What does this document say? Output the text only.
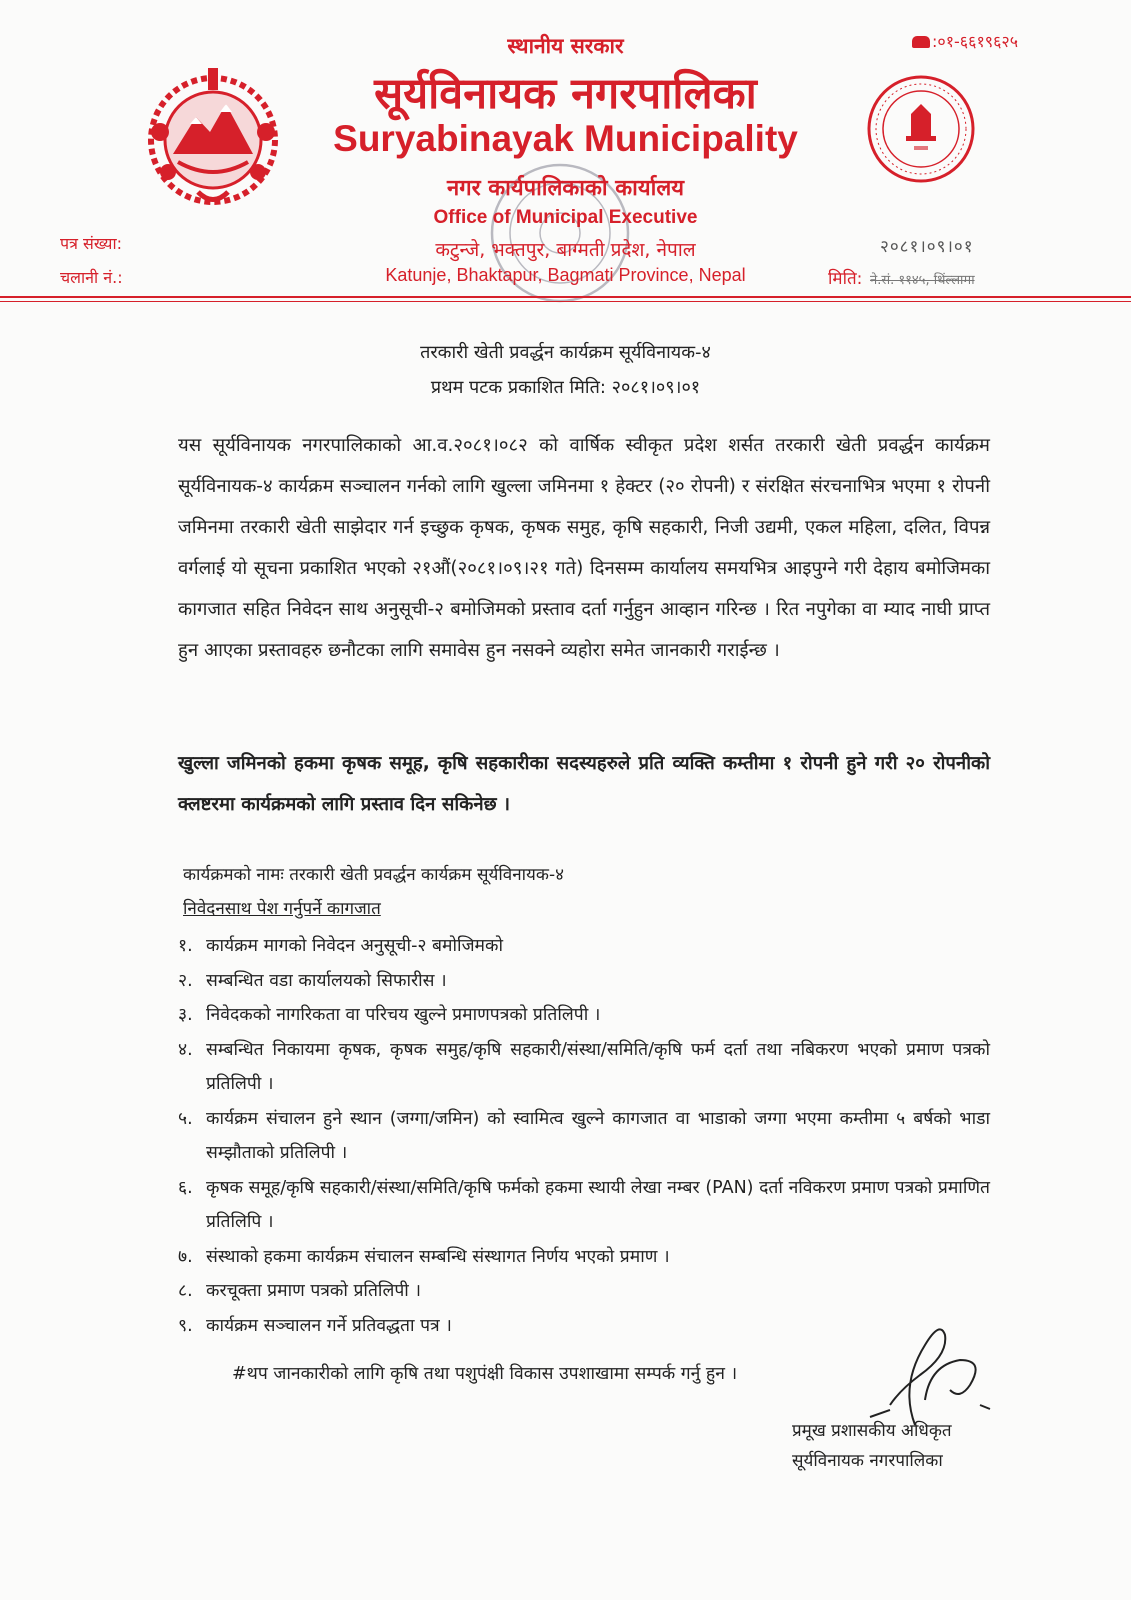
:०१-६६१९६२५
स्थानीय सरकार
सूर्यविनायक नगरपालिका
Suryabinayak Municipality
नगर कार्यपालिकाको कार्यालय
Office of Municipal Executive
कटुन्जे, भक्तपुर, बाग्मती प्रदेश, नेपाल
Katunje, Bhaktapur, Bagmati Province, Nepal
पत्र संख्या:
चलानी नं.:
२०८१।०९।०१
मिति: ने.सं. ११४५, थिंल्लामा
तरकारी खेती प्रवर्द्धन कार्यक्रम सूर्यविनायक-४
प्रथम पटक प्रकाशित मिति: २०८१।०९।०१
यस सूर्यविनायक नगरपालिकाको आ.व.२०८१।०८२ को वार्षिक स्वीकृत प्रदेश शर्सत तरकारी खेती प्रवर्द्धन कार्यक्रम सूर्यविनायक-४ कार्यक्रम सञ्चालन गर्नको लागि खुल्ला जमिनमा १ हेक्टर (२० रोपनी) र संरक्षित संरचनाभित्र भएमा १ रोपनी जमिनमा तरकारी खेती साझेदार गर्न इच्छुक कृषक, कृषक समुह, कृषि सहकारी, निजी उद्यमी, एकल महिला, दलित, विपन्न वर्गलाई यो सूचना प्रकाशित भएको २१औं(२०८१।०९।२१ गते) दिनसम्म कार्यालय समयभित्र आइपुग्ने गरी देहाय बमोजिमका कागजात सहित निवेदन साथ अनुसूची-२ बमोजिमको प्रस्ताव दर्ता गर्नुहुन आव्हान गरिन्छ । रित नपुगेका वा म्याद नाघी प्राप्त हुन आएका प्रस्तावहरु छनौटका लागि समावेस हुन नसक्ने व्यहोरा समेत जानकारी गराईन्छ ।
खुल्ला जमिनको हकमा कृषक समूह, कृषि सहकारीका सदस्यहरुले प्रति व्यक्ति कम्तीमा १ रोपनी हुने गरी २० रोपनीको क्लष्टरमा कार्यक्रमको लागि प्रस्ताव दिन सकिनेछ ।
कार्यक्रमको नामः तरकारी खेती प्रवर्द्धन कार्यक्रम सूर्यविनायक-४
निवेदनसाथ पेश गर्नुपर्ने कागजात
१. कार्यक्रम मागको निवेदन अनुसूची-२ बमोजिमको
२. सम्बन्धित वडा कार्यालयको सिफारीस ।
३. निवेदकको नागरिकता वा परिचय खुल्ने प्रमाणपत्रको प्रतिलिपी ।
४. सम्बन्धित निकायमा कृषक, कृषक समुह/कृषि सहकारी/संस्था/समिति/कृषि फर्म दर्ता तथा नबिकरण भएको प्रमाण पत्रको प्रतिलिपी ।
५. कार्यक्रम संचालन हुने स्थान (जग्गा/जमिन) को स्वामित्व खुल्ने कागजात वा भाडाको जग्गा भएमा कम्तीमा ५ बर्षको भाडा सम्झौताको प्रतिलिपी ।
६. कृषक समूह/कृषि सहकारी/संस्था/समिति/कृषि फर्मको हकमा स्थायी लेखा नम्बर (PAN) दर्ता नविकरण प्रमाण पत्रको प्रमाणित प्रतिलिपि ।
७. संस्थाको हकमा कार्यक्रम संचालन सम्बन्धि संस्थागत निर्णय भएको प्रमाण ।
८. करचूक्ता प्रमाण पत्रको प्रतिलिपी ।
९. कार्यक्रम सञ्चालन गर्ने प्रतिवद्धता पत्र ।
#थप जानकारीको लागि कृषि तथा पशुपंक्षी विकास उपशाखामा सम्पर्क गर्नु हुन ।
प्रमूख प्रशासकीय अधिकृत
सूर्यविनायक नगरपालिका
